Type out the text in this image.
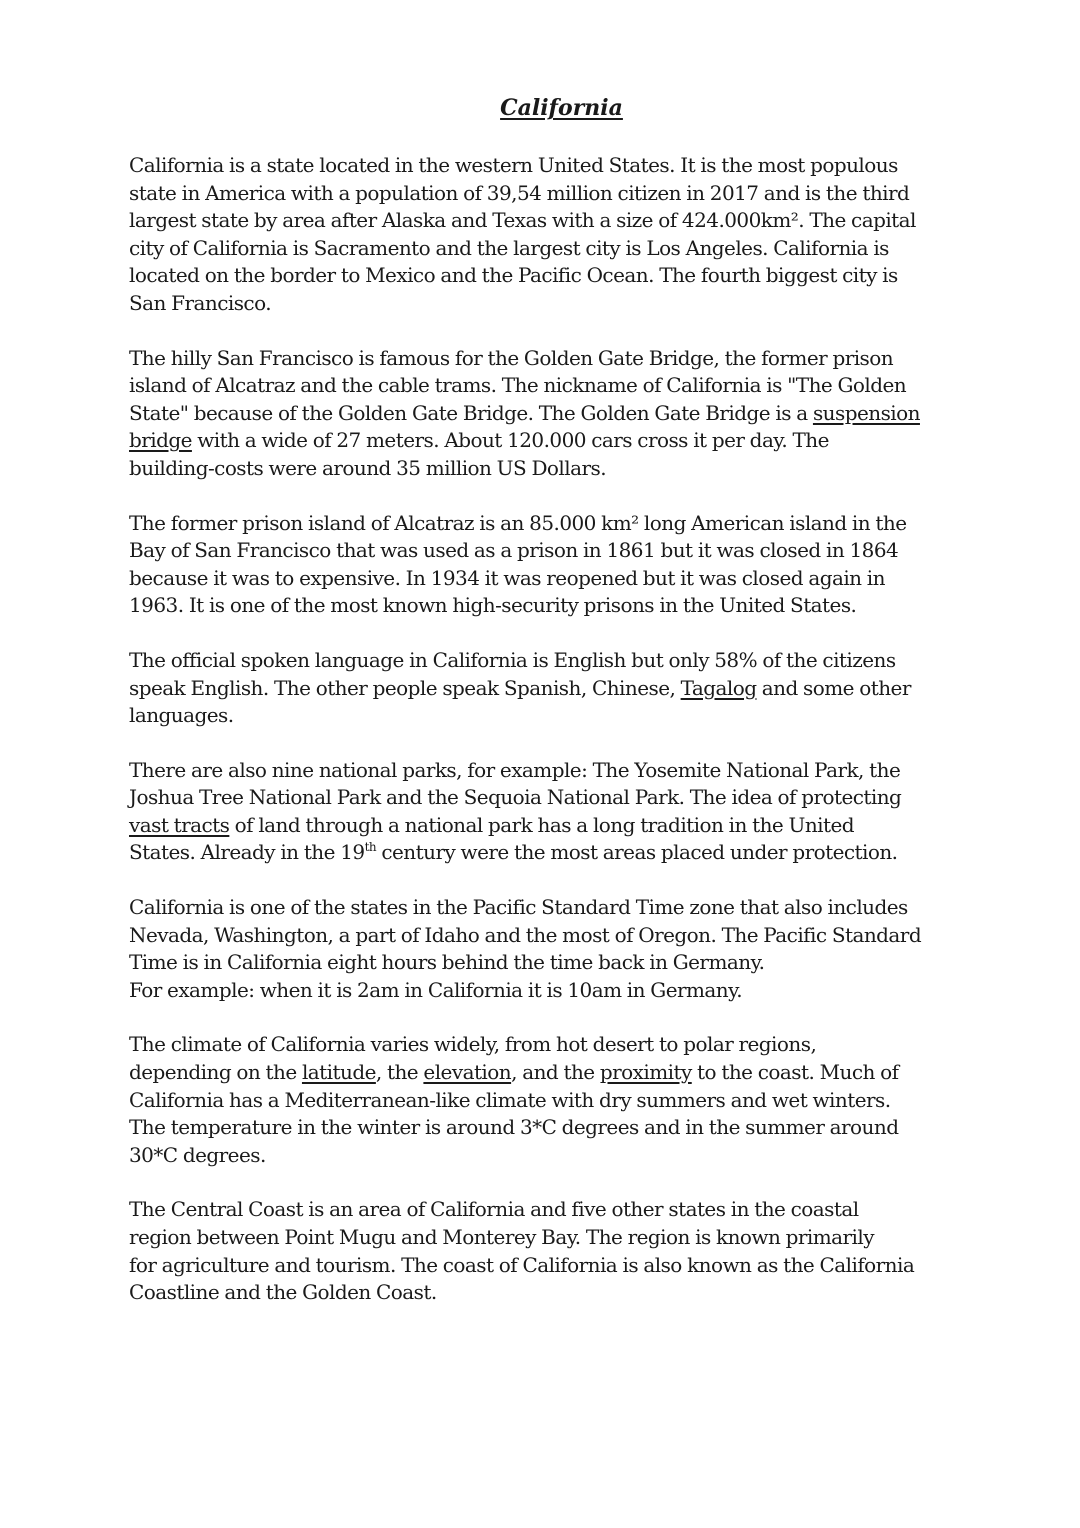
California

California is a state located in the western United States. It is the most populous
state in America with a population of 39,54 million citizen in 2017 and is the third
largest state by area after Alaska and Texas with a size of 424.000km². The capital
city of California is Sacramento and the largest city is Los Angeles. California is
located on the border to Mexico and the Pacific Ocean. The fourth biggest city is
San Francisco.

The hilly San Francisco is famous for the Golden Gate Bridge, the former prison
island of Alcatraz and the cable trams. The nickname of California is "The Golden
State" because of the Golden Gate Bridge. The Golden Gate Bridge is a suspension
bridge with a wide of 27 meters. About 120.000 cars cross it per day. The
building-costs were around 35 million US Dollars.

The former prison island of Alcatraz is an 85.000 km² long American island in the
Bay of San Francisco that was used as a prison in 1861 but it was closed in 1864
because it was to expensive. In 1934 it was reopened but it was closed again in
1963. It is one of the most known high-security prisons in the United States.

The official spoken language in California is English but only 58% of the citizens
speak English. The other people speak Spanish, Chinese, Tagalog and some other
languages.

There are also nine national parks, for example: The Yosemite National Park, the
Joshua Tree National Park and the Sequoia National Park. The idea of protecting
vast tracts of land through a national park has a long tradition in the United
States. Already in the 19th century were the most areas placed under protection.

California is one of the states in the Pacific Standard Time zone that also includes
Nevada, Washington, a part of Idaho and the most of Oregon. The Pacific Standard
Time is in California eight hours behind the time back in Germany.
For example: when it is 2am in California it is 10am in Germany.

The climate of California varies widely, from hot desert to polar regions,
depending on the latitude, the elevation, and the proximity to the coast. Much of
California has a Mediterranean-like climate with dry summers and wet winters.
The temperature in the winter is around 3*C degrees and in the summer around
30*C degrees.

The Central Coast is an area of California and five other states in the coastal
region between Point Mugu and Monterey Bay. The region is known primarily
for agriculture and tourism. The coast of California is also known as the California
Coastline and the Golden Coast.
